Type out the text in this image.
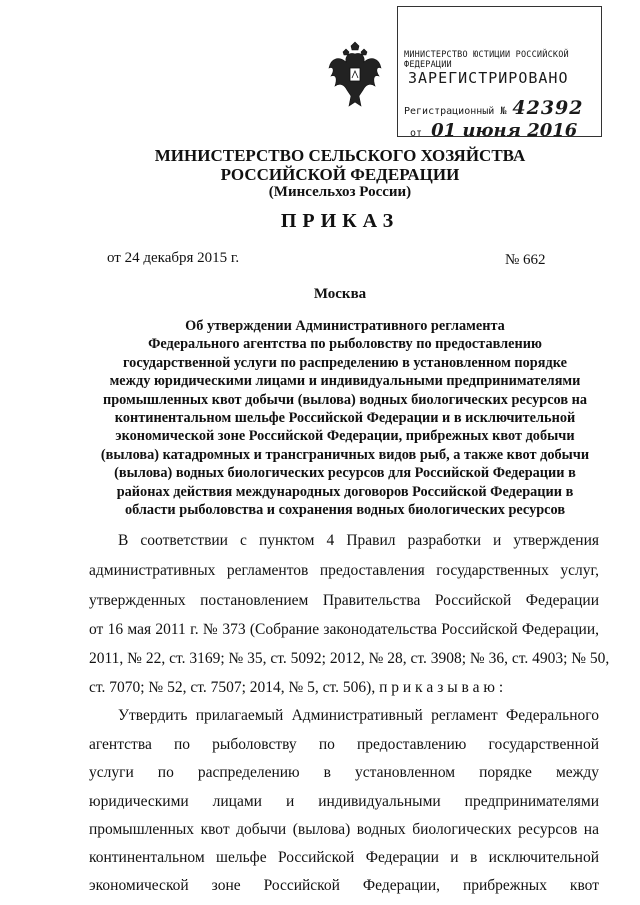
МИНИСТЕРСТВО ЮСТИЦИИ РОССИЙСКОЙ ФЕДЕРАЦИИ
ЗАРЕГИСТРИРОВАНО
Регистрационный № 42392
от 01 июня 2016
МИНИСТЕРСТВО СЕЛЬСКОГО ХОЗЯЙСТВА
РОССИЙСКОЙ ФЕДЕРАЦИИ
(Минсельхоз России)
ПРИКАЗ
от 24 декабря 2015 г.	№ 662
Москва
Об утверждении Административного регламента
Федерального агентства по рыболовству по предоставлению
государственной услуги по распределению в установленном порядке
между юридическими лицами и индивидуальными предпринимателями
промышленных квот добычи (вылова) водных биологических ресурсов на
континентальном шельфе Российской Федерации и в исключительной
экономической зоне Российской Федерации, прибрежных квот добычи
(вылова) катадромных и трансграничных видов рыб, а также квот добычи
(вылова) водных биологических ресурсов для Российской Федерации в
районах действия международных договоров Российской Федерации в
области рыболовства и сохранения водных биологических ресурсов
В соответствии с пунктом 4 Правил разработки и утверждения
административных регламентов предоставления государственных услуг,
утвержденных постановлением Правительства Российской Федерации
от 16 мая 2011 г. № 373 (Собрание законодательства Российской Федерации,
2011, № 22, ст. 3169; № 35, ст. 5092; 2012, № 28, ст. 3908; № 36, ст. 4903; № 50,
ст. 7070; № 52, ст. 7507; 2014, № 5, ст. 506), п р и к а з ы в а ю :
Утвердить прилагаемый Административный регламент Федерального
агентства по рыболовству по предоставлению государственной
услуги по распределению в установленном порядке между
юридическими лицами и индивидуальными предпринимателями
промышленных квот добычи (вылова) водных биологических ресурсов на
континентальном шельфе Российской Федерации и в исключительной
экономической зоне Российской Федерации, прибрежных квот
